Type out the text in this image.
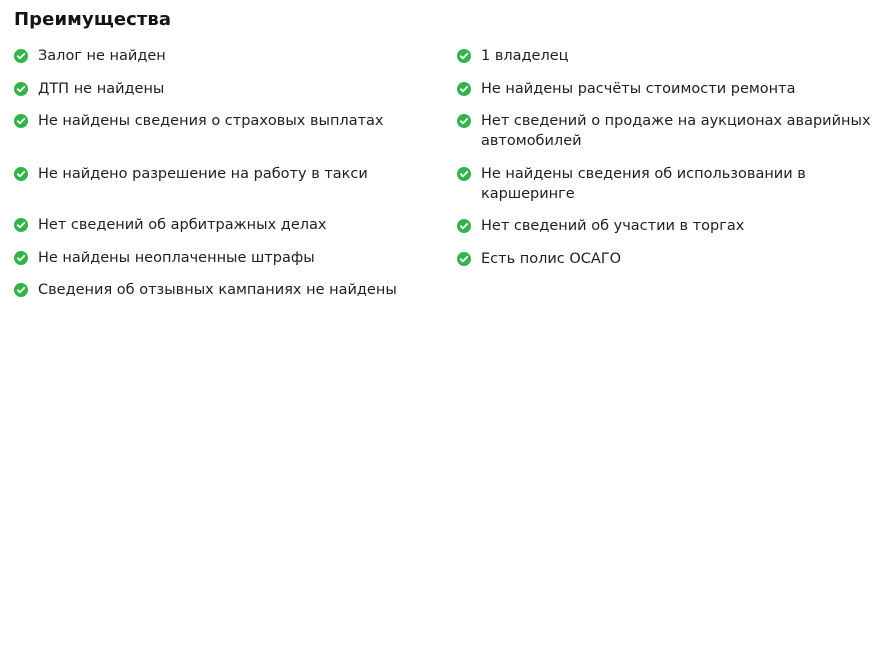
Преимущества
Залог не найден
ДТП не найдены
Не найдены сведения о страховых выплатах
Не найдено разрешение на работу в такси
Нет сведений об арбитражных делах
Не найдены неоплаченные штрафы
Сведения об отзывных кампаниях не найдены
1 владелец
Не найдены расчёты стоимости ремонта
Нет сведений о продаже на аукционах аварийных автомобилей
Не найдены сведения об использовании в каршеринге
Нет сведений об участии в торгах
Есть полис ОСАГО
